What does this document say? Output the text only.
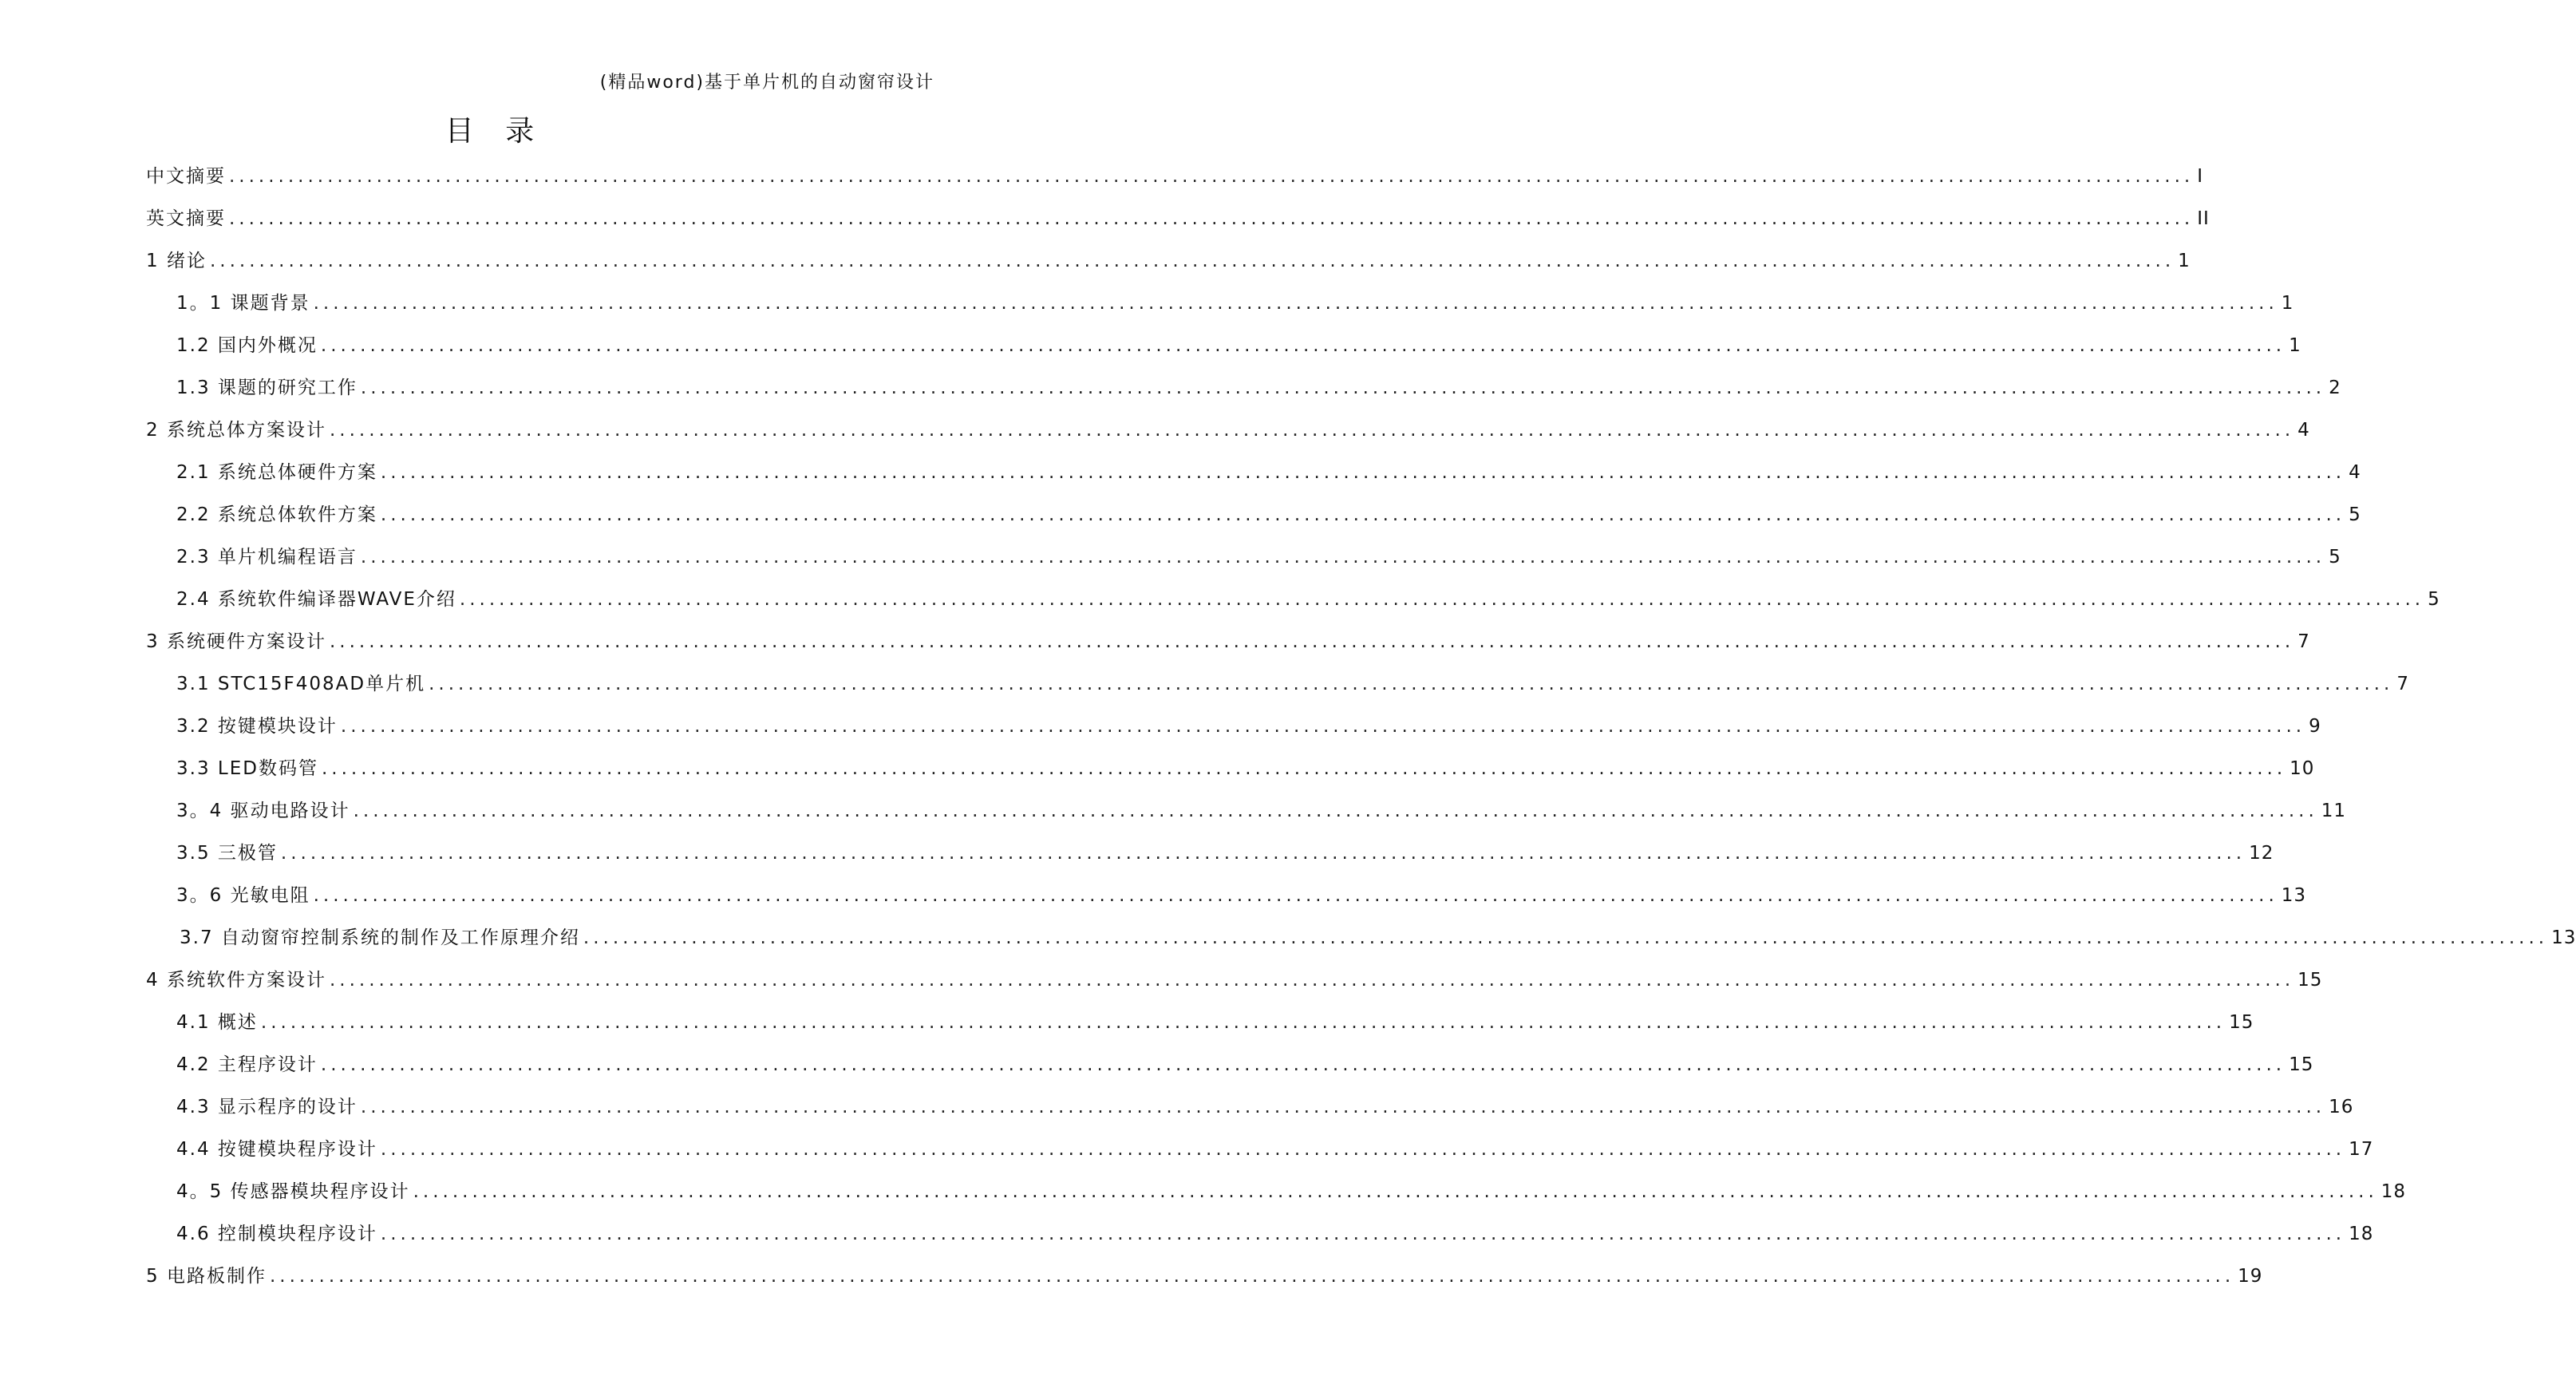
(精品word)基于单片机的自动窗帘设计
目 录
中文摘要 ........................................................................................................................................................................................................ I
英文摘要 ........................................................................................................................................................................................................ II
1 绪论 ........................................................................................................................................................................................................ 1
1。1 课题背景 ........................................................................................................................................................................................................ 1
1.2 国内外概况 ........................................................................................................................................................................................................ 1
1.3 课题的研究工作 ........................................................................................................................................................................................................ 2
2 系统总体方案设计 ........................................................................................................................................................................................................ 4
2.1 系统总体硬件方案 ........................................................................................................................................................................................................ 4
2.2 系统总体软件方案 ........................................................................................................................................................................................................ 5
2.3 单片机编程语言 ........................................................................................................................................................................................................ 5
2.4 系统软件编译器WAVE介绍 ........................................................................................................................................................................................................ 5
3 系统硬件方案设计 ........................................................................................................................................................................................................ 7
3.1 STC15F408AD单片机 ........................................................................................................................................................................................................ 7
3.2 按键模块设计 ........................................................................................................................................................................................................ 9
3.3 LED数码管 ........................................................................................................................................................................................................ 10
3。4 驱动电路设计 ........................................................................................................................................................................................................ 11
3.5 三极管 ........................................................................................................................................................................................................ 12
3。6 光敏电阻 ........................................................................................................................................................................................................ 13
3.7 自动窗帘控制系统的制作及工作原理介绍 ........................................................................................................................................................................................................ 13
4 系统软件方案设计 ........................................................................................................................................................................................................ 15
4.1 概述 ........................................................................................................................................................................................................ 15
4.2 主程序设计 ........................................................................................................................................................................................................ 15
4.3 显示程序的设计 ........................................................................................................................................................................................................ 16
4.4 按键模块程序设计 ........................................................................................................................................................................................................ 17
4。5 传感器模块程序设计 ........................................................................................................................................................................................................ 18
4.6 控制模块程序设计 ........................................................................................................................................................................................................ 18
5 电路板制作 ........................................................................................................................................................................................................ 19
